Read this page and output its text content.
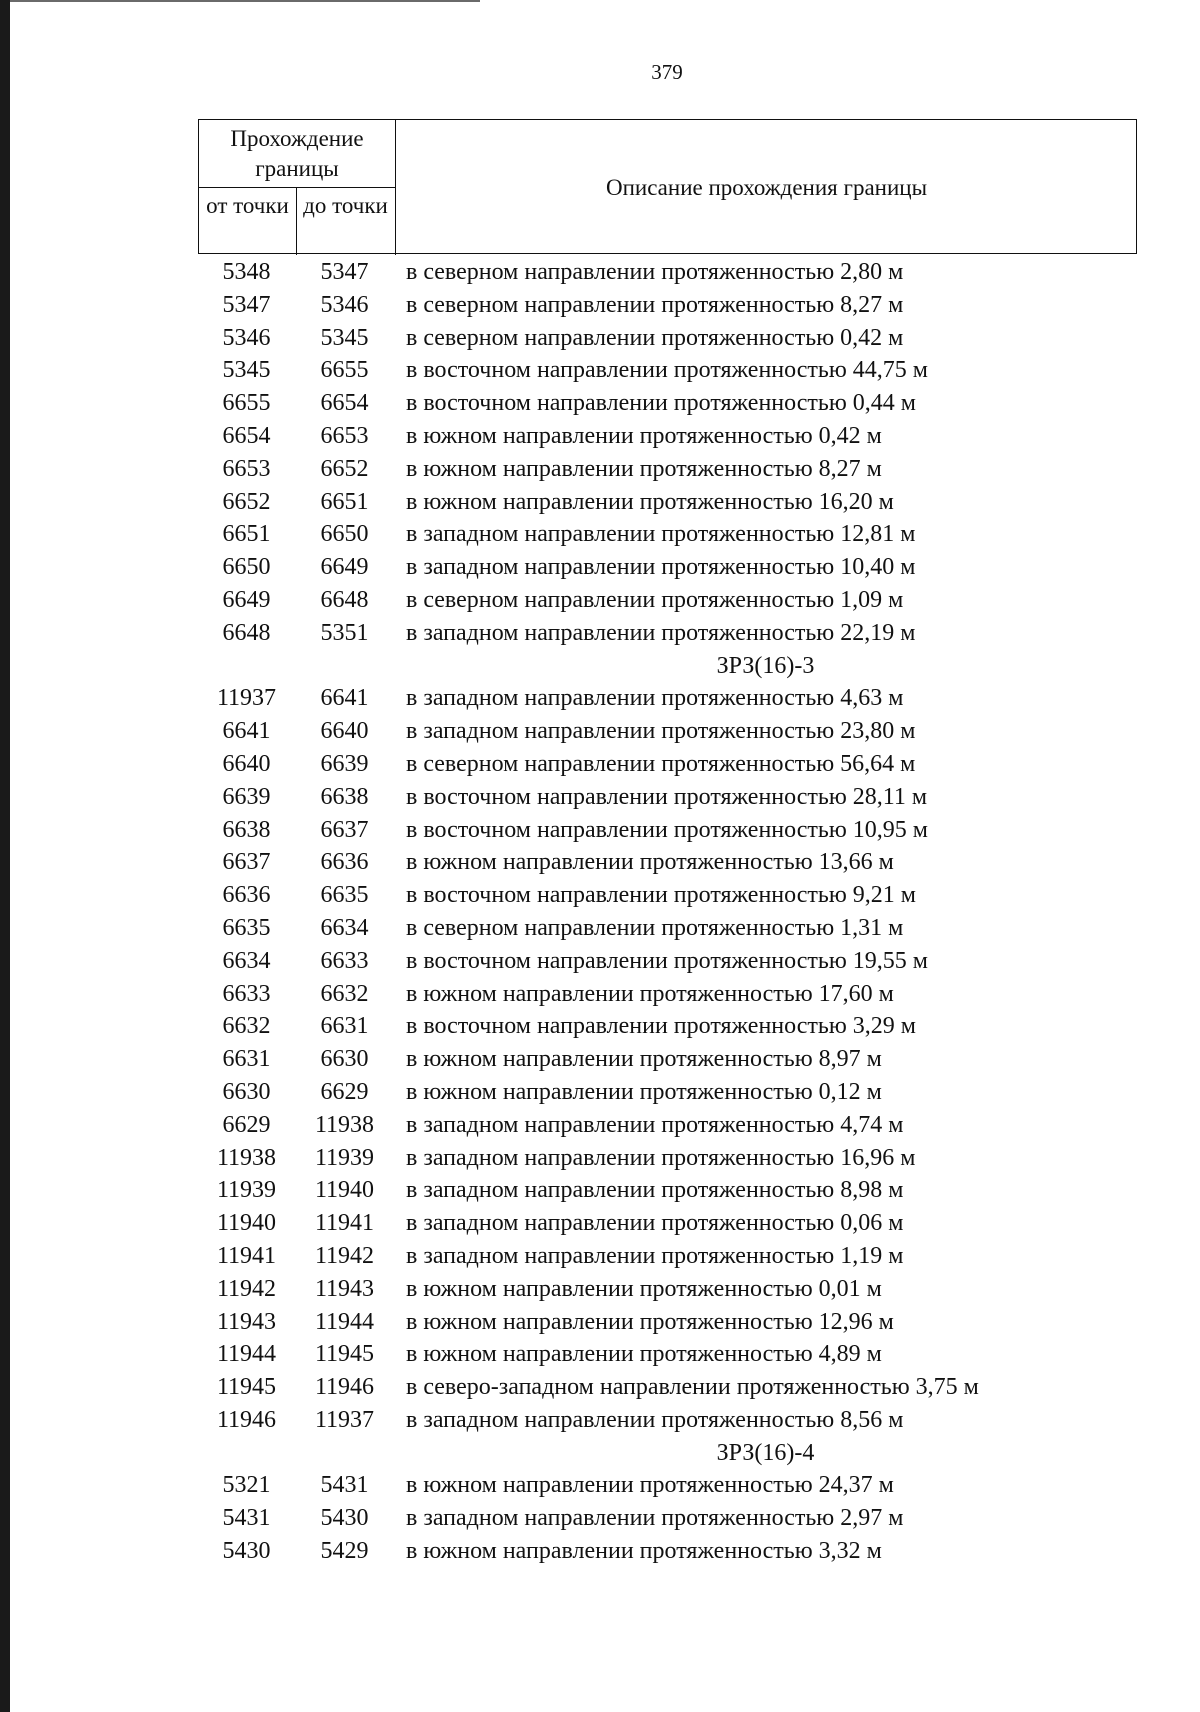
379
Прохождение границы
от точки до точки
Описание прохождения границы
5348	5347	в северном направлении протяженностью 2,80 м
5347	5346	в северном направлении протяженностью 8,27 м
5346	5345	в северном направлении протяженностью 0,42 м
5345	6655	в восточном направлении протяженностью 44,75 м
6655	6654	в восточном направлении протяженностью 0,44 м
6654	6653	в южном направлении протяженностью 0,42 м
6653	6652	в южном направлении протяженностью 8,27 м
6652	6651	в южном направлении протяженностью 16,20 м
6651	6650	в западном направлении протяженностью 12,81 м
6650	6649	в западном направлении протяженностью 10,40 м
6649	6648	в северном направлении протяженностью 1,09 м
6648	5351	в западном направлении протяженностью 22,19 м
ЗРЗ(16)-3
11937	6641	в западном направлении протяженностью 4,63 м
6641	6640	в западном направлении протяженностью 23,80 м
6640	6639	в северном направлении протяженностью 56,64 м
6639	6638	в восточном направлении протяженностью 28,11 м
6638	6637	в восточном направлении протяженностью 10,95 м
6637	6636	в южном направлении протяженностью 13,66 м
6636	6635	в восточном направлении протяженностью 9,21 м
6635	6634	в северном направлении протяженностью 1,31 м
6634	6633	в восточном направлении протяженностью 19,55 м
6633	6632	в южном направлении протяженностью 17,60 м
6632	6631	в восточном направлении протяженностью 3,29 м
6631	6630	в южном направлении протяженностью 8,97 м
6630	6629	в южном направлении протяженностью 0,12 м
6629	11938	в западном направлении протяженностью 4,74 м
11938	11939	в западном направлении протяженностью 16,96 м
11939	11940	в западном направлении протяженностью 8,98 м
11940	11941	в западном направлении протяженностью 0,06 м
11941	11942	в западном направлении протяженностью 1,19 м
11942	11943	в южном направлении протяженностью 0,01 м
11943	11944	в южном направлении протяженностью 12,96 м
11944	11945	в южном направлении протяженностью 4,89 м
11945	11946	в северо-западном направлении протяженностью 3,75 м
11946	11937	в западном направлении протяженностью 8,56 м
ЗРЗ(16)-4
5321	5431	в южном направлении протяженностью 24,37 м
5431	5430	в западном направлении протяженностью 2,97 м
5430	5429	в южном направлении протяженностью 3,32 м
